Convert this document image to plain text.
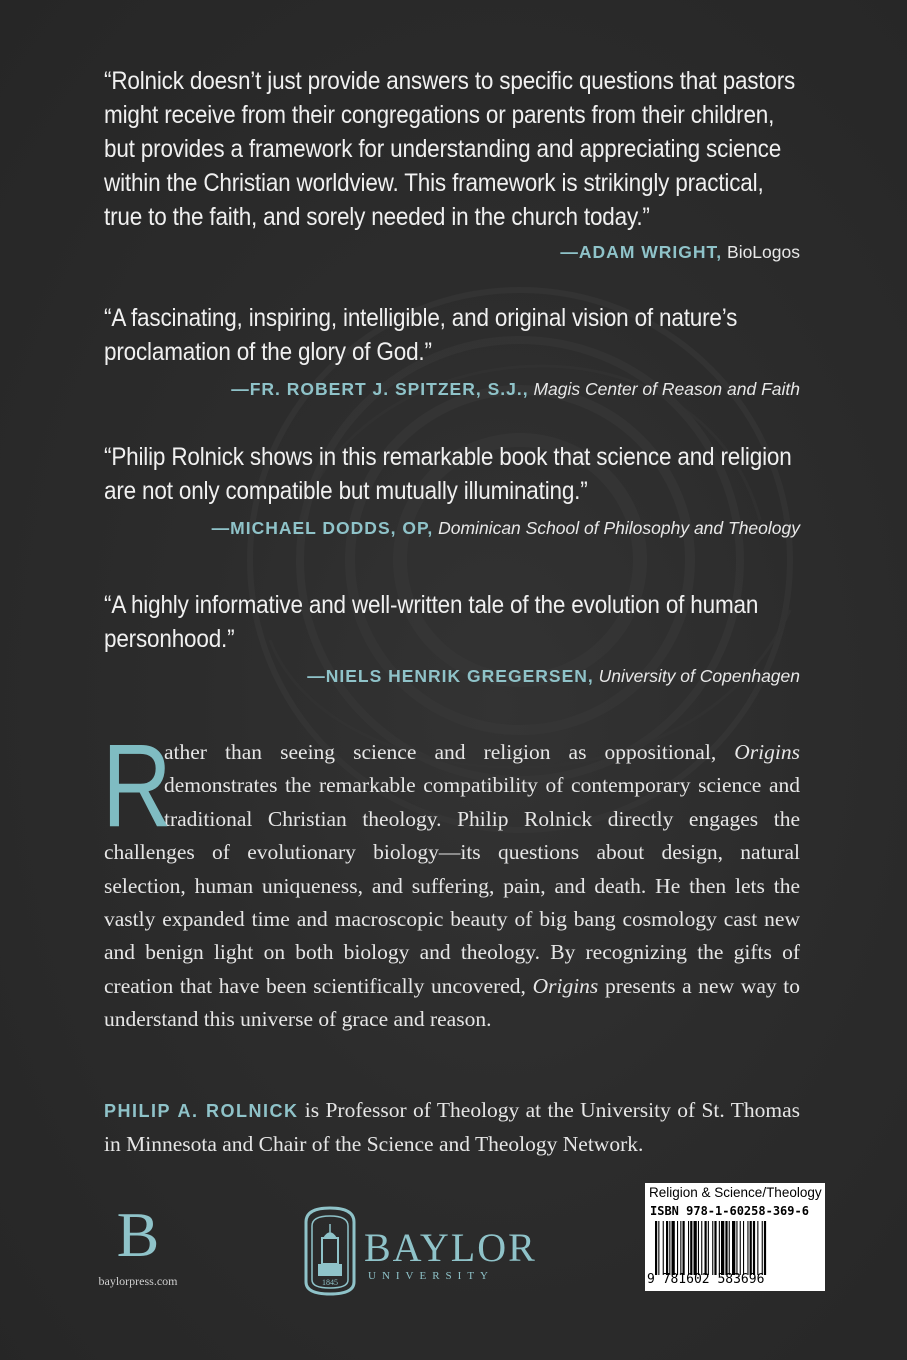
“Rolnick doesn’t just provide answers to specific questions that pastors might receive from their congregations or parents from their children, but provides a framework for understanding and appreciating science within the Christian worldview. This framework is strikingly practical, true to the faith, and sorely needed in the church today.”
—ADAM WRIGHT, BioLogos
“A fascinating, inspiring, intelligible, and original vision of nature’s proclamation of the glory of God.”
—FR. ROBERT J. SPITZER, S.J., Magis Center of Reason and Faith
“Philip Rolnick shows in this remarkable book that science and religion are not only compatible but mutually illuminating.”
—MICHAEL DODDS, OP, Dominican School of Philosophy and Theology
“A highly informative and well-written tale of the evolution of human personhood.”
—NIELS HENRIK GREGERSEN, University of Copenhagen
R
ather than seeing science and religion as oppositional, Origins demonstrates the remarkable compatibility of contemporary science and traditional Christian theology. Philip Rolnick directly engages the challenges of evolutionary biology—its questions about design, natural selection, human uniqueness, and suffering, pain, and death. He then lets the vastly expanded time and macroscopic beauty of big bang cosmology cast new and benign light on both biology and theology. By recognizing the gifts of creation that have been scientifically uncovered, Origins presents a new way to understand this universe of grace and reason.
PHILIP A. ROLNICK is Professor of Theology at the University of St. Thomas in Minnesota and Chair of the Science and Theology Network.
B
baylorpress.com	1845
BAYLOR
UNIVERSITY
Religion & Science/Theology
ISBN 978-1-60258-369-6
9 781602 583696
